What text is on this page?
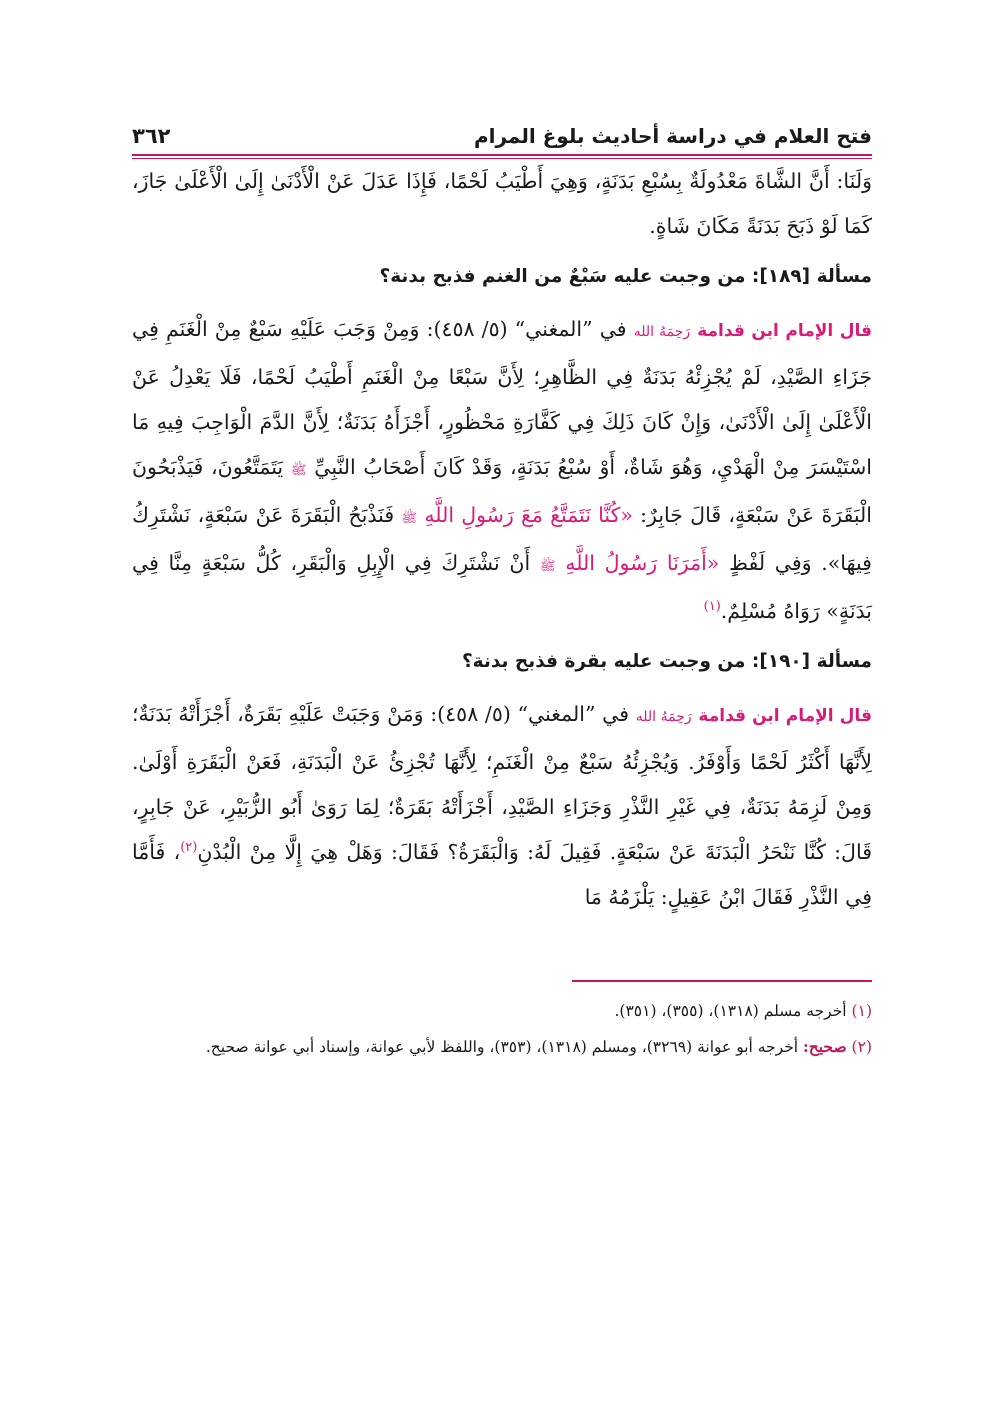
فتح العلام في دراسة أحاديث بلوغ المرام
٣٦٢

وَلَنَا: أَنَّ الشَّاةَ مَعْدُولَةٌ بِسُبْعِ بَدَنَةٍ، وَهِيَ أَطْيَبُ لَحْمًا، فَإِذَا عَدَلَ عَنْ الْأَدْنَىٰ إِلَىٰ الْأَعْلَىٰ جَازَ، كَمَا لَوْ ذَبَحَ بَدَنَةً مَكَانَ شَاةٍ.

مسألة [١٨٩]: من وجبت عليه سَبْعٌ من الغنم فذبح بدنة؟

قال الإمام ابن قدامة رَحِمَهُ الله في ”المغني“ (٥/ ٤٥٨): وَمِنْ وَجَبَ عَلَيْهِ سَبْعٌ مِنْ الْغَنَمِ فِي جَزَاءِ الصَّيْدِ، لَمْ يُجْزِئْهُ بَدَنَةٌ فِي الظَّاهِرِ؛ لِأَنَّ سَبْعًا مِنْ الْغَنَمِ أَطْيَبُ لَحْمًا، فَلَا يَعْدِلُ عَنْ الْأَعْلَىٰ إِلَىٰ الْأَدْنَىٰ، وَإِنْ كَانَ ذَلِكَ فِي كَفَّارَةِ مَحْظُورٍ، أَجْزَأَهُ بَدَنَةٌ؛ لِأَنَّ الدَّمَ الْوَاجِبَ فِيهِ مَا اسْتَيْسَرَ مِنْ الْهَدْيِ، وَهُوَ شَاةٌ، أَوْ سُبْعُ بَدَنَةٍ، وَقَدْ كَانَ أَصْحَابُ النَّبِيِّ ﷺ يَتَمَتَّعُونَ، فَيَذْبَحُونَ الْبَقَرَةَ عَنْ سَبْعَةٍ، قَالَ جَابِرٌ: «كُنَّا نَتَمَتَّعُ مَعَ رَسُولِ اللَّهِ ﷺ فَنَذْبَحُ الْبَقَرَةَ عَنْ سَبْعَةٍ، نَشْتَرِكُ فِيهَا». وَفِي لَفْظٍ «أَمَرَنَا رَسُولُ اللَّهِ ﷺ أَنْ نَشْتَرِكَ فِي الْإِبِلِ وَالْبَقَرِ، كُلُّ سَبْعَةٍ مِنَّا فِي بَدَنَةٍ» رَوَاهُ مُسْلِمٌ.$^{(١)}$

مسألة [١٩٠]: من وجبت عليه بقرة فذبح بدنة؟

قال الإمام ابن قدامة رَحِمَهُ الله في ”المغني“ (٥/ ٤٥٨): وَمَنْ وَجَبَتْ عَلَيْهِ بَقَرَةٌ، أَجْزَأَتْهُ بَدَنَةٌ؛ لِأَنَّهَا أَكْثَرُ لَحْمًا وَأَوْفَرُ. وَيُجْزِئُهُ سَبْعٌ مِنْ الْغَنَمِ؛ لِأَنَّهَا تُجْزِئُ عَنْ الْبَدَنَةِ، فَعَنْ الْبَقَرَةِ أَوْلَىٰ. وَمِنْ لَزِمَهُ بَدَنَةٌ، فِي غَيْرِ النَّذْرِ وَجَزَاءِ الصَّيْدِ، أَجْزَأَتْهُ بَقَرَةٌ؛ لِمَا رَوَىٰ أَبُو الزُّبَيْرِ، عَنْ جَابِرٍ، قَالَ: كُنَّا نَنْحَرُ الْبَدَنَةَ عَنْ سَبْعَةٍ. فَقِيلَ لَهُ: وَالْبَقَرَةُ؟ فَقَالَ: وَهَلْ هِيَ إِلَّا مِنْ الْبُدْنِ$^{(٢)}$، فَأَمَّا فِي النَّذْرِ فَقَالَ ابْنُ عَقِيلٍ: يَلْزَمُهُ مَا

(١) أخرجه مسلم (١٣١٨)، (٣٥٥)، (٣٥١).
(٢) صحيح: أخرجه أبو عوانة (٣٢٦٩)، ومسلم (١٣١٨)، (٣٥٣)، واللفظ لأبي عوانة، وإسناد أبي عوانة صحيح.
